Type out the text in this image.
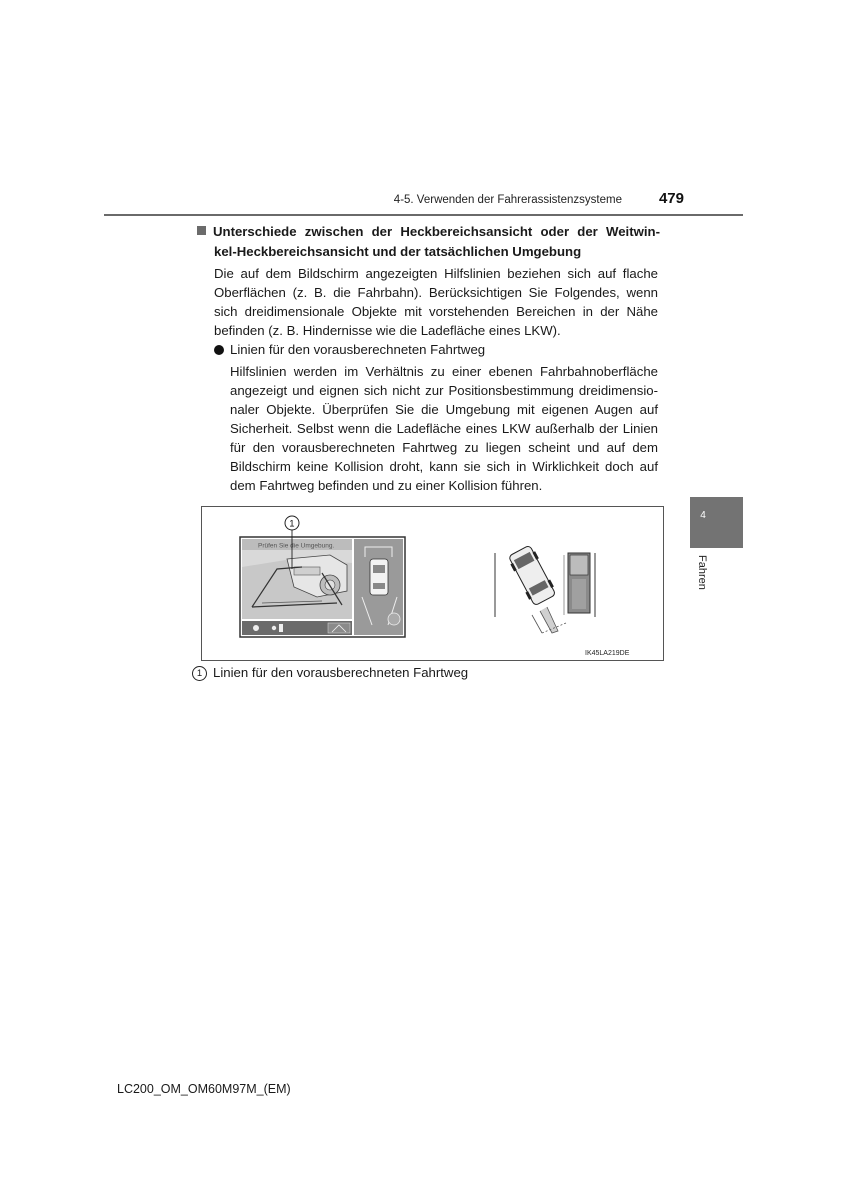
4-5. Verwenden der Fahrerassistenzsysteme	479
4
Fahren
Unterschiede zwischen der Heckbereichsansicht oder der Weitwin-
kel-Heckbereichsansicht und der tatsächlichen Umgebung
Die auf dem Bildschirm angezeigten Hilfslinien beziehen sich auf flache
Oberflächen (z. B. die Fahrbahn). Berücksichtigen Sie Folgendes, wenn
sich dreidimensionale Objekte mit vorstehenden Bereichen in der Nähe
befinden (z. B. Hindernisse wie die Ladefläche eines LKW).
Linien für den vorausberechneten Fahrtweg
Hilfslinien werden im Verhältnis zu einer ebenen Fahrbahnoberfläche
angezeigt und eignen sich nicht zur Positionsbestimmung dreidimensio-
naler Objekte. Überprüfen Sie die Umgebung mit eigenen Augen auf
Sicherheit. Selbst wenn die Ladefläche eines LKW außerhalb der Linien
für den vorausberechneten Fahrtweg zu liegen scheint und auf dem
Bildschirm keine Kollision droht, kann sie sich in Wirklichkeit doch auf
dem Fahrtweg befinden und zu einer Kollision führen.
Prüfen Sie die Umgebung.
1
IK45LA219DE
1 Linien für den vorausberechneten Fahrtweg
LC200_OM_OM60M97M_(EM)
